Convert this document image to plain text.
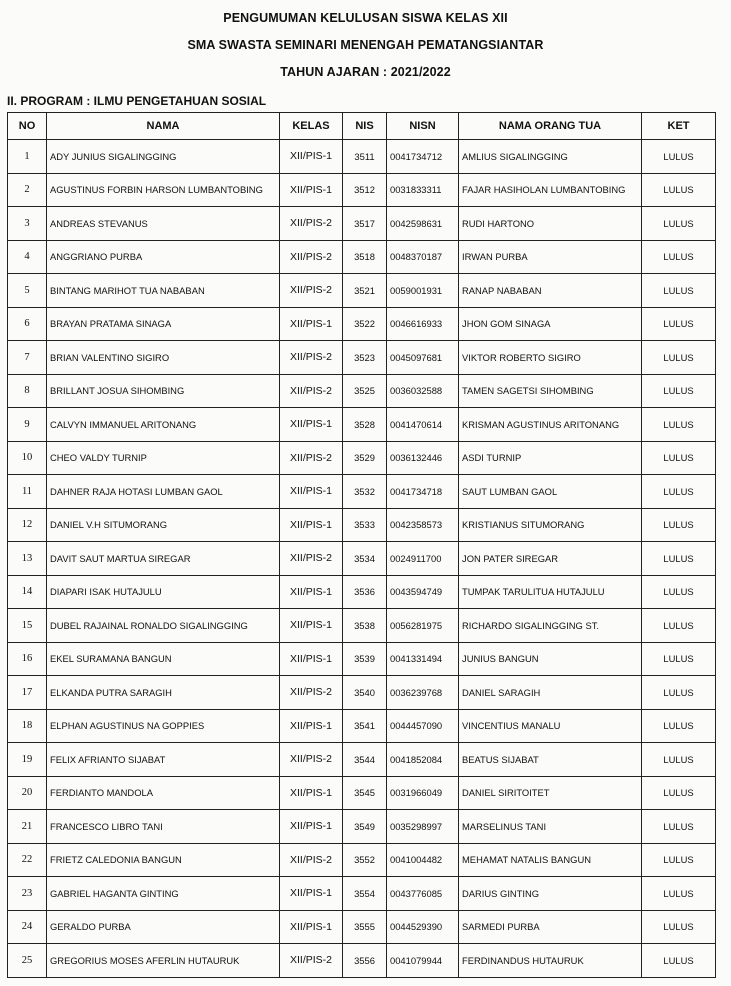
PENGUMUMAN KELULUSAN SISWA KELAS XII
SMA SWASTA SEMINARI MENENGAH PEMATANGSIANTAR
TAHUN AJARAN : 2021/2022
II. PROGRAM : ILMU PENGETAHUAN SOSIAL
NO	NAMA	KELAS	NIS	NISN	NAMA ORANG TUA	KET
1	ADY JUNIUS SIGALINGGING	XII/PIS-1	3511	0041734712	AMLIUS SIGALINGGING	LULUS
2	AGUSTINUS FORBIN HARSON LUMBANTOBING	XII/PIS-1	3512	0031833311	FAJAR HASIHOLAN LUMBANTOBING	LULUS
3	ANDREAS STEVANUS	XII/PIS-2	3517	0042598631	RUDI HARTONO	LULUS
4	ANGGRIANO PURBA	XII/PIS-2	3518	0048370187	IRWAN PURBA	LULUS
5	BINTANG MARIHOT TUA NABABAN	XII/PIS-2	3521	0059001931	RANAP NABABAN	LULUS
6	BRAYAN PRATAMA SINAGA	XII/PIS-1	3522	0046616933	JHON GOM SINAGA	LULUS
7	BRIAN VALENTINO SIGIRO	XII/PIS-2	3523	0045097681	VIKTOR ROBERTO SIGIRO	LULUS
8	BRILLANT JOSUA SIHOMBING	XII/PIS-2	3525	0036032588	TAMEN SAGETSI SIHOMBING	LULUS
9	CALVYN IMMANUEL ARITONANG	XII/PIS-1	3528	0041470614	KRISMAN AGUSTINUS ARITONANG	LULUS
10	CHEO VALDY TURNIP	XII/PIS-2	3529	0036132446	ASDI TURNIP	LULUS
11	DAHNER RAJA HOTASI LUMBAN GAOL	XII/PIS-1	3532	0041734718	SAUT LUMBAN GAOL	LULUS
12	DANIEL V.H SITUMORANG	XII/PIS-1	3533	0042358573	KRISTIANUS SITUMORANG	LULUS
13	DAVIT SAUT MARTUA SIREGAR	XII/PIS-2	3534	0024911700	JON PATER SIREGAR	LULUS
14	DIAPARI ISAK HUTAJULU	XII/PIS-1	3536	0043594749	TUMPAK TARULITUA HUTAJULU	LULUS
15	DUBEL RAJAINAL RONALDO SIGALINGGING	XII/PIS-1	3538	0056281975	RICHARDO SIGALINGGING ST.	LULUS
16	EKEL SURAMANA BANGUN	XII/PIS-1	3539	0041331494	JUNIUS BANGUN	LULUS
17	ELKANDA PUTRA SARAGIH	XII/PIS-2	3540	0036239768	DANIEL SARAGIH	LULUS
18	ELPHAN AGUSTINUS NA GOPPIES	XII/PIS-1	3541	0044457090	VINCENTIUS MANALU	LULUS
19	FELIX AFRIANTO SIJABAT	XII/PIS-2	3544	0041852084	BEATUS SIJABAT	LULUS
20	FERDIANTO MANDOLA	XII/PIS-1	3545	0031966049	DANIEL SIRITOITET	LULUS
21	FRANCESCO LIBRO TANI	XII/PIS-1	3549	0035298997	MARSELINUS TANI	LULUS
22	FRIETZ CALEDONIA BANGUN	XII/PIS-2	3552	0041004482	MEHAMAT NATALIS BANGUN	LULUS
23	GABRIEL HAGANTA GINTING	XII/PIS-1	3554	0043776085	DARIUS GINTING	LULUS
24	GERALDO PURBA	XII/PIS-1	3555	0044529390	SARMEDI PURBA	LULUS
25	GREGORIUS MOSES AFERLIN HUTAURUK	XII/PIS-2	3556	0041079944	FERDINANDUS HUTAURUK	LULUS
